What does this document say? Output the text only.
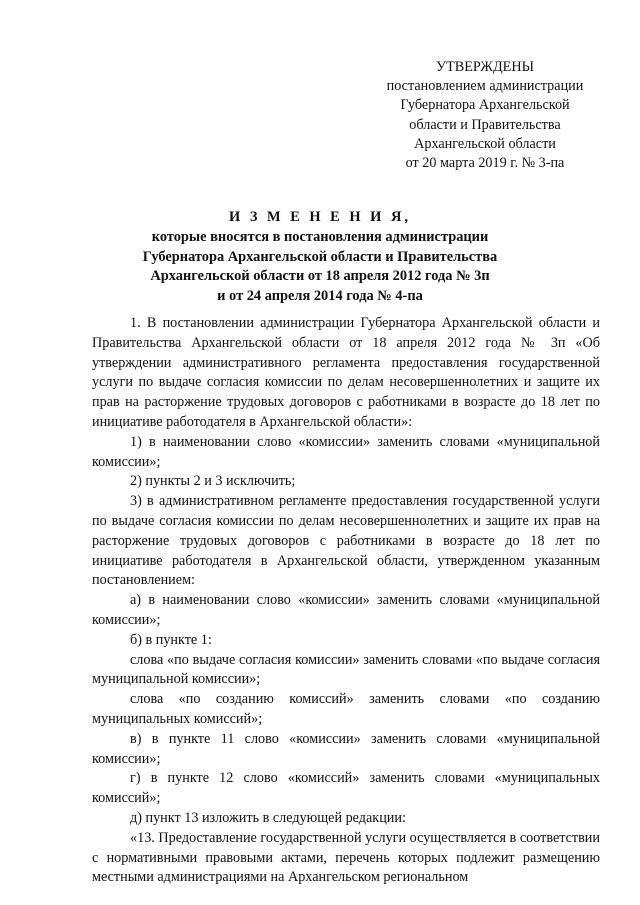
УТВЕРЖДЕНЫ
постановлением администрации
Губернатора Архангельской
области и Правительства
Архангельской области
от 20 марта 2019 г. № 3-па
И З М Е Н Е Н И Я,
которые вносятся в постановления администрации
Губернатора Архангельской области и Правительства
Архангельской области от 18 апреля 2012 года № 3п
и от 24 апреля 2014 года № 4-па

1. В постановлении администрации Губернатора Архангельской области и Правительства Архангельской области от 18 апреля 2012 года № 3п «Об утверждении административного регламента предоставления государственной услуги по выдаче согласия комиссии по делам несовершеннолетних и защите их прав на расторжение трудовых договоров с работниками в возрасте до 18 лет по инициативе работодателя в Архангельской области»:

1) в наименовании слово «комиссии» заменить словами «муниципальной комиссии»;

2) пункты 2 и 3 исключить;

3) в административном регламенте предоставления государственной услуги по выдаче согласия комиссии по делам несовершеннолетних и защите их прав на расторжение трудовых договоров с работниками в возрасте до 18 лет по инициативе работодателя в Архангельской области, утвержденном указанным постановлением:

а) в наименовании слово «комиссии» заменить словами «муниципальной комиссии»;

б) в пункте 1:

слова «по выдаче согласия комиссии» заменить словами «по выдаче согласия муниципальной комиссии»;

слова «по созданию комиссий» заменить словами «по созданию муниципальных комиссий»;

в) в пункте 11 слово «комиссии» заменить словами «муниципальной комиссии»;

г) в пункте 12 слово «комиссий» заменить словами «муниципальных комиссий»;

д) пункт 13 изложить в следующей редакции:

«13. Предоставление государственной услуги осуществляется в соответствии с нормативными правовыми актами, перечень которых подлежит размещению местными администрациями на Архангельском региональном
